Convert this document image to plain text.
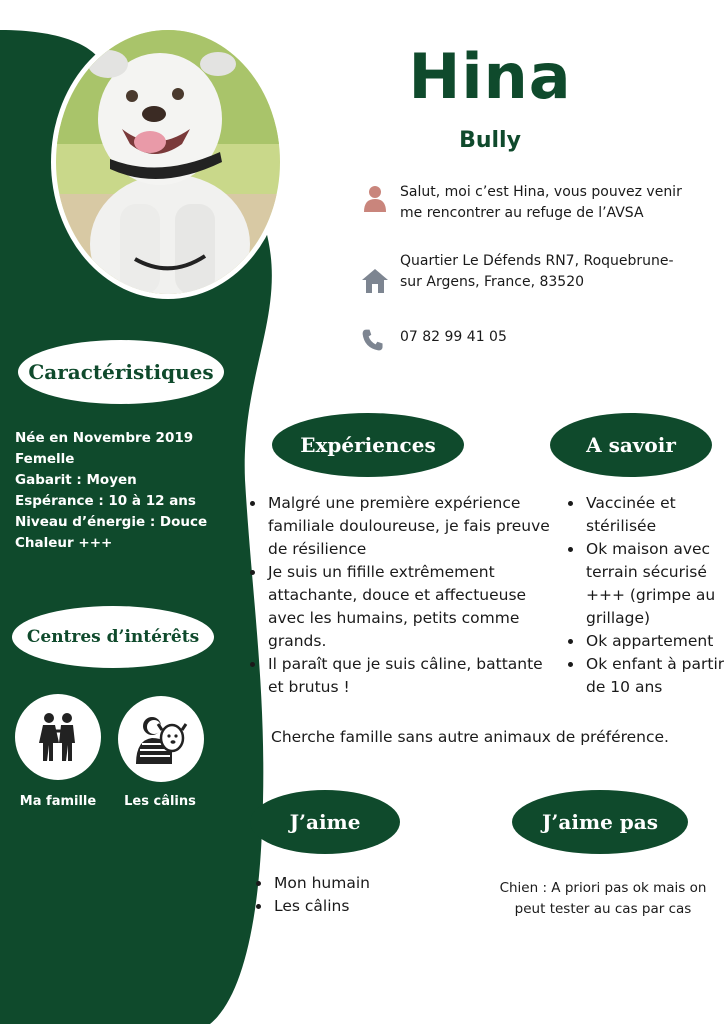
Hina
Bully
Salut, moi c’est Hina, vous pouvez venir me rencontrer au refuge de l’AVSA
Quartier Le Défends RN7, Roquebrune-sur Argens, France, 83520
07 82 99 41 05
Caractéristiques
Née en Novembre 2019
Femelle
Gabarit : Moyen
Espérance : 10 à 12 ans
Niveau d’énergie : Douce
Chaleur +++
Centres d’intérêts
Ma famille	Les câlins
Expériences
• Malgré une première expérience familiale douloureuse, je fais preuve de résilience
• Je suis un fifille extrêmement attachante, douce et affectueuse avec les humains, petits comme grands.
• Il paraît que je suis câline, battante et brutus !
A savoir
• Vaccinée et stérilisée
• Ok maison avec terrain sécurisé +++ (grimpe au grillage)
• Ok appartement
• Ok enfant à partir de 10 ans
Cherche famille sans autre animaux de préférence.
J’aime
• Mon humain
• Les câlins
J’aime pas
Chien : A priori pas ok mais on peut tester au cas par cas
